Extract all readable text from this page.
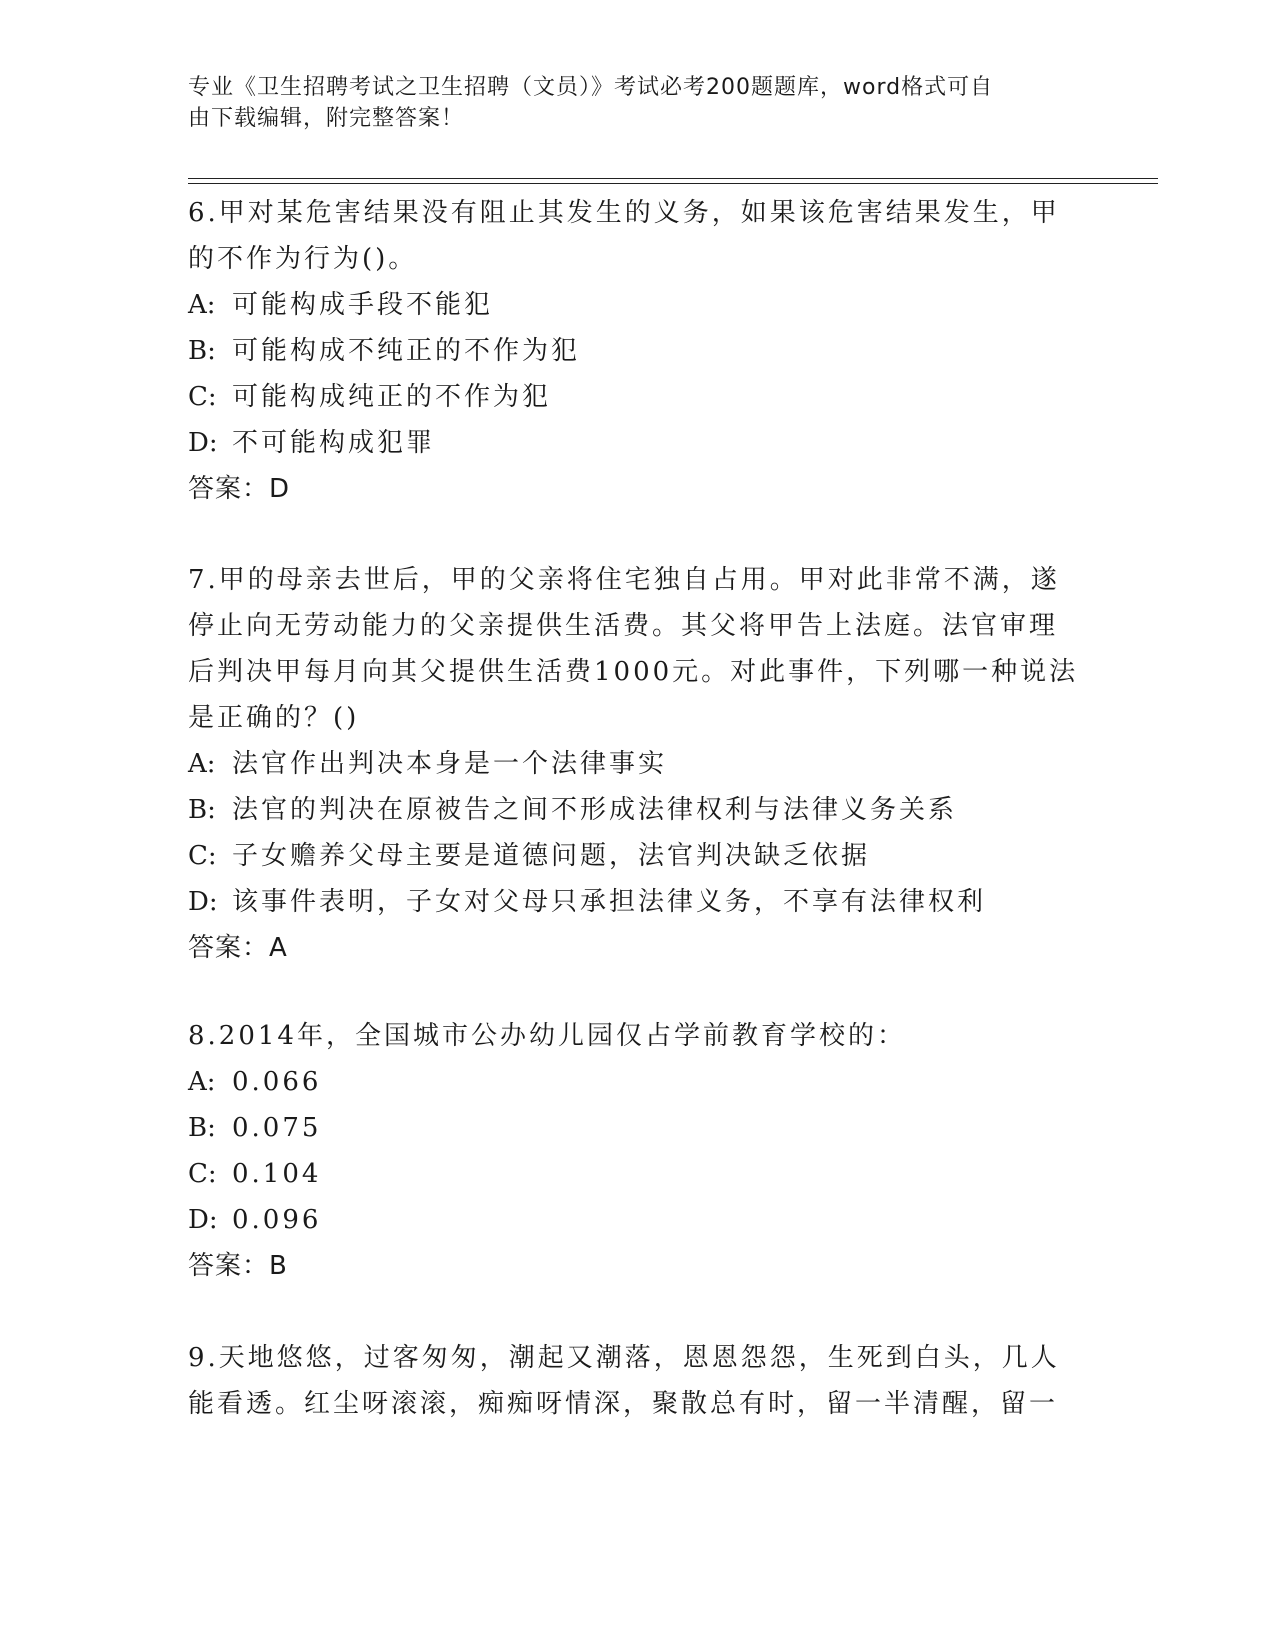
专业《卫生招聘考试之卫生招聘（文员）》考试必考200题题库，word格式可自
由下载编辑，附完整答案！
6.甲对某危害结果没有阻止其发生的义务，如果该危害结果发生，甲
的不作为行为()。
A: 可能构成手段不能犯
B: 可能构成不纯正的不作为犯
C: 可能构成纯正的不作为犯
D: 不可能构成犯罪
答案：D
7.甲的母亲去世后，甲的父亲将住宅独自占用。甲对此非常不满，遂
停止向无劳动能力的父亲提供生活费。其父将甲告上法庭。法官审理
后判决甲每月向其父提供生活费1000元。对此事件，下列哪一种说法
是正确的？()
A: 法官作出判决本身是一个法律事实
B: 法官的判决在原被告之间不形成法律权利与法律义务关系
C: 子女赡养父母主要是道德问题，法官判决缺乏依据
D: 该事件表明，子女对父母只承担法律义务，不享有法律权利
答案：A
8.2014年，全国城市公办幼儿园仅占学前教育学校的：
A: 0.066
B: 0.075
C: 0.104
D: 0.096
答案：B
9.天地悠悠，过客匆匆，潮起又潮落，恩恩怨怨，生死到白头，几人
能看透。红尘呀滚滚，痴痴呀情深，聚散总有时，留一半清醒，留一
